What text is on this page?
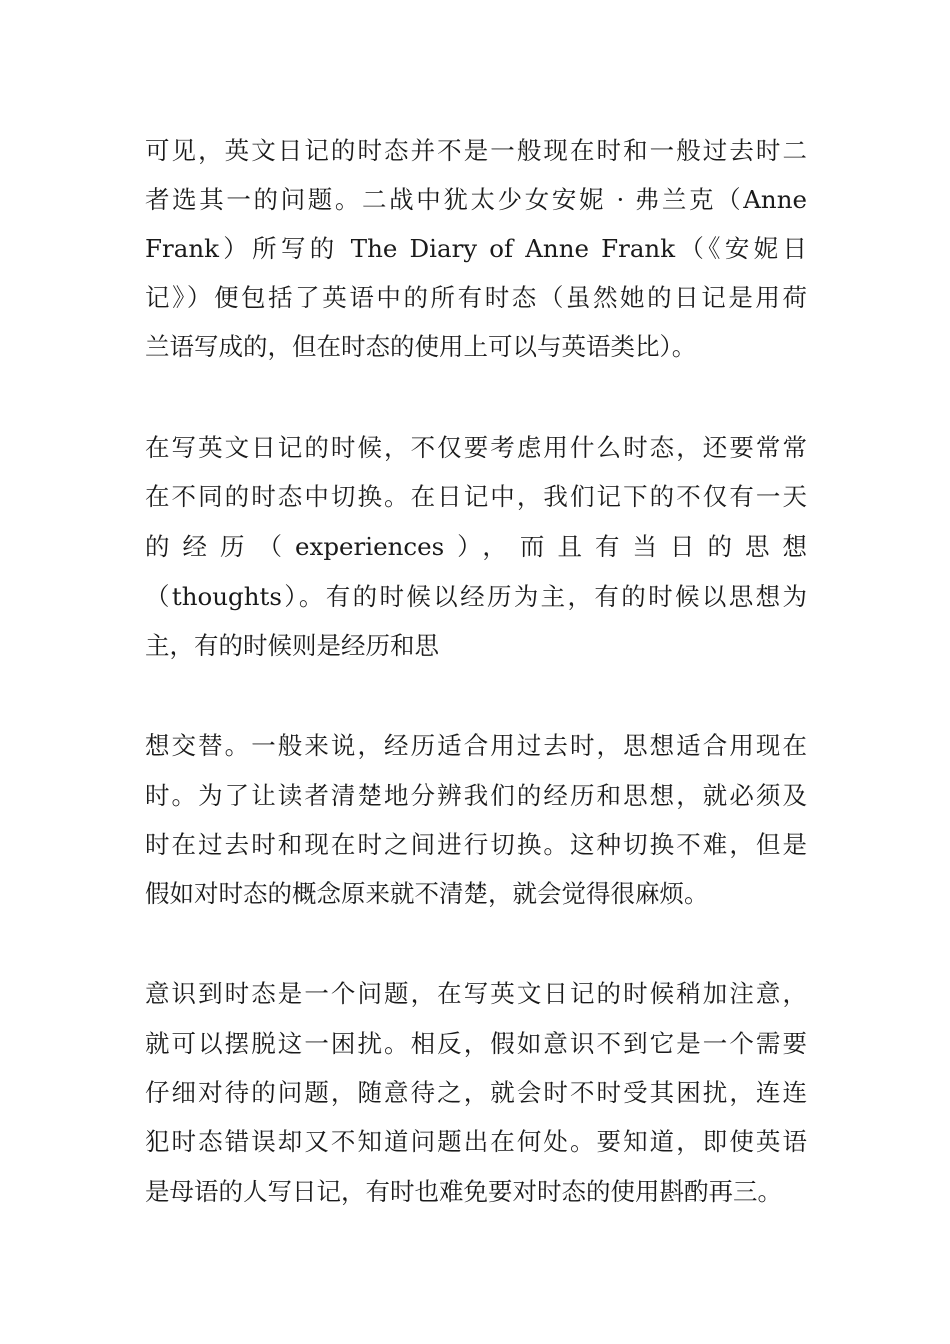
可见，英文日记的时态并不是一般现在时和一般过去时二
者选其一的问题。二战中犹太少女安妮 · 弗兰克（Anne
Frank）所写的 The Diary of Anne Frank（《安妮日
记》）便包括了英语中的所有时态（虽然她的日记是用荷
兰语写成的，但在时态的使用上可以与英语类比）。
在写英文日记的时候，不仅要考虑用什么时态，还要常常
在不同的时态中切换。在日记中，我们记下的不仅有一天
的经历（experiences），而且有当日的思想
（thoughts）。有的时候以经历为主，有的时候以思想为
主，有的时候则是经历和思
想交替。一般来说，经历适合用过去时，思想适合用现在
时。为了让读者清楚地分辨我们的经历和思想，就必须及
时在过去时和现在时之间进行切换。这种切换不难，但是
假如对时态的概念原来就不清楚，就会觉得很麻烦。
意识到时态是一个问题，在写英文日记的时候稍加注意，
就可以摆脱这一困扰。相反，假如意识不到它是一个需要
仔细对待的问题，随意待之，就会时不时受其困扰，连连
犯时态错误却又不知道问题出在何处。要知道，即使英语
是母语的人写日记，有时也难免要对时态的使用斟酌再三。
